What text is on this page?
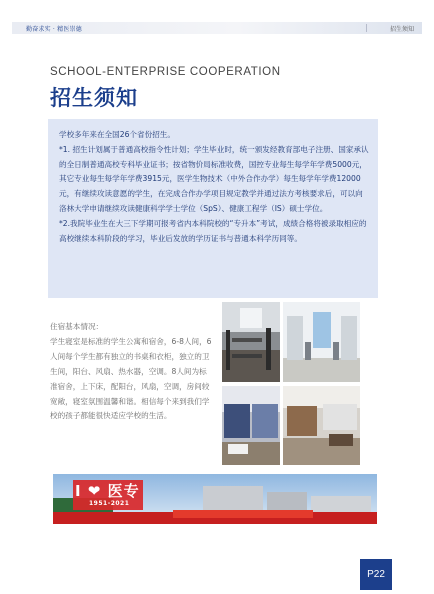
勤奋求实 · 精医崇德	招生须知
SCHOOL-ENTERPRISE COOPERATION
招生须知

学校多年来在全国26个省份招生。

*1. 招生计划属于普通高校指令性计划；学生毕业时，统一颁发经教育部电子注册、国家承认的全日制普通高校专科毕业证书；按省物价局标准收费，国控专业每生每学年学费5000元，其它专业每生每学年学费3915元，医学生物技术（中外合作办学）每生每学年学费12000元，有继续攻读意愿的学生，在完成合作办学项目规定教学并通过法方考核要求后，可以向洛林大学申请继续攻读健康科学学士学位（SpS）、健康工程学（IS）硕士学位。

*2.我院毕业生在大三下学期可报考省内本科院校的“专升本”考试，成绩合格将被录取相应的高校继续本科阶段的学习，毕业后发放的学历证书与普通本科学历同等。

住宿基本情况：

学生寝室是标准的学生公寓和宿舍，6-8人间，6人间每个学生都有独立的书桌和衣柜，独立的卫生间，阳台、风扇、热水器，空调。8人间为标准宿舍，上下床，配阳台，风扇，空调，房间较宽敞，寝室氛围温馨和谐。相信每个来到我们学校的孩子都能很快适应学校的生活。

I ❤ 医专
1951-2021
P22
